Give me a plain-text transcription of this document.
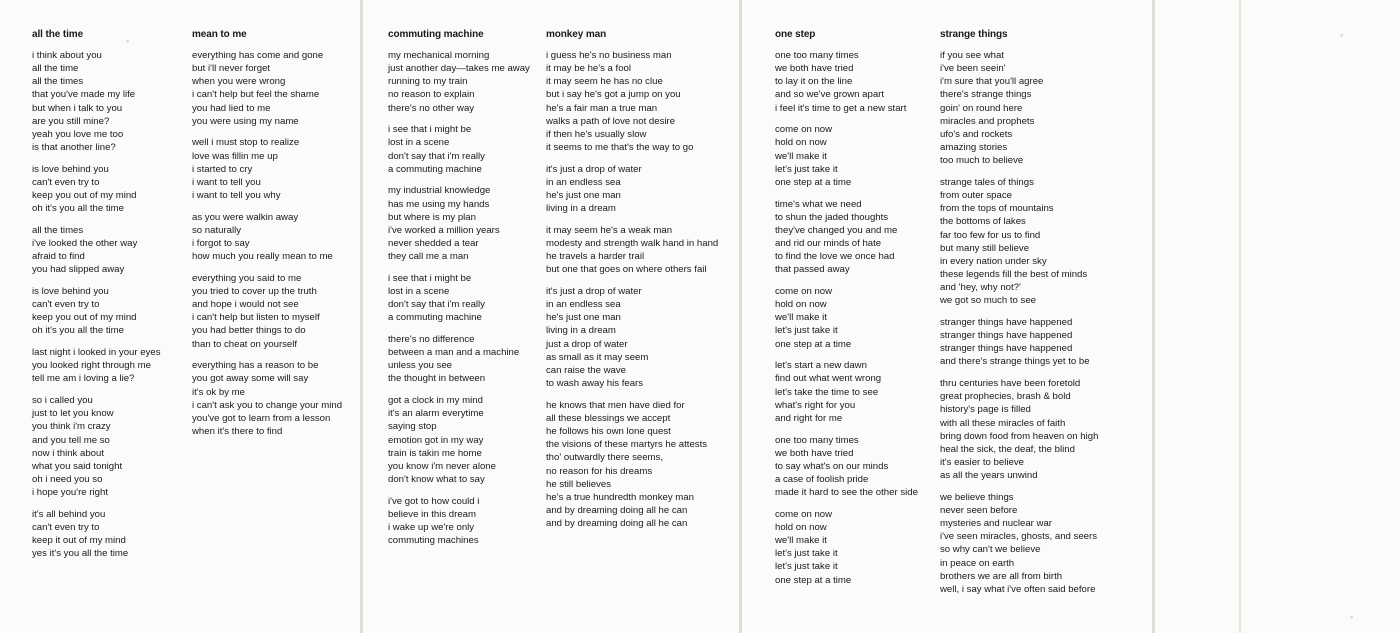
◦
◦
◦
all the time
i think about you
all the time
all the times
that you've made my life
but when i talk to you
are you still mine?
yeah you love me too
is that another line?
is love behind you
can't even try to
keep you out of my mind
oh it's you all the time
all the times
i've looked the other way
afraid to find
you had slipped away
is love behind you
can't even try to
keep you out of my mind
oh it's you all the time
last night i looked in your eyes
you looked right through me
tell me am i loving a lie?
so i called you
just to let you know
you think i'm crazy
and you tell me so
now i think about
what you said tonight
oh i need you so
i hope you're right
it's all behind you
can't even try to
keep it out of my mind
yes it's you all the time
mean to me
everything has come and gone
but i'll never forget
when you were wrong
i can't help but feel the shame
you had lied to me
you were using my name
well i must stop to realize
love was fillin me up
i started to cry
i want to tell you
i want to tell you why
as you were walkin away
so naturally
i forgot to say
how much you really mean to me
everything you said to me
you tried to cover up the truth
and hope i would not see
i can't help but listen to myself
you had better things to do
than to cheat on yourself
everything has a reason to be
you got away some will say
it's ok by me
i can't ask you to change your mind
you've got to learn from a lesson
when it's there to find
commuting machine
my mechanical morning
just another day—takes me away
running to my train
no reason to explain
there's no other way
i see that i might be
lost in a scene
don't say that i'm really
a commuting machine
my industrial knowledge
has me using my hands
but where is my plan
i've worked a million years
never shedded a tear
they call me a man
i see that i might be
lost in a scene
don't say that i'm really
a commuting machine
there's no difference
between a man and a machine
unless you see
the thought in between
got a clock in my mind
it's an alarm everytime
saying stop
emotion got in my way
train is takin me home
you know i'm never alone
don't know what to say
i've got to how could i
believe in this dream
i wake up we're only
commuting machines
monkey man
i guess he's no business man
it may be he's a fool
it may seem he has no clue
but i say he's got a jump on you
he's a fair man a true man
walks a path of love not desire
if then he's usually slow
it seems to me that's the way to go
it's just a drop of water
in an endless sea
he's just one man
living in a dream
it may seem he's a weak man
modesty and strength walk hand in hand
he travels a harder trail
but one that goes on where others fail
it's just a drop of water
in an endless sea
he's just one man
living in a dream
just a drop of water
as small as it may seem
can raise the wave
to wash away his fears
he knows that men have died for
all these blessings we accept
he follows his own lone quest
the visions of these martyrs he attests
tho' outwardly there seems,
no reason for his dreams
he still believes
he's a true hundredth monkey man
and by dreaming doing all he can
and by dreaming doing all he can
one step
one too many times
we both have tried
to lay it on the line
and so we've grown apart
i feel it's time to get a new start
come on now
hold on now
we'll make it
let's just take it
one step at a time
time's what we need
to shun the jaded thoughts
they've changed you and me
and rid our minds of hate
to find the love we once had
that passed away
come on now
hold on now
we'll make it
let's just take it
one step at a time
let's start a new dawn
find out what went wrong
let's take the time to see
what's right for you
and right for me
one too many times
we both have tried
to say what's on our minds
a case of foolish pride
made it hard to see the other side
come on now
hold on now
we'll make it
let's just take it
let's just take it
one step at a time
strange things
if you see what
i've been seein'
i'm sure that you'll agree
there's strange things
goin' on round here
miracles and prophets
ufo's and rockets
amazing stories
too much to believe
strange tales of things
from outer space
from the tops of mountains
the bottoms of lakes
far too few for us to find
but many still believe
in every nation under sky
these legends fill the best of minds
and 'hey, why not?'
we got so much to see
stranger things have happened
stranger things have happened
stranger things have happened
and there's strange things yet to be
thru centuries have been foretold
great prophecies, brash & bold
history's page is filled
with all these miracles of faith
bring down food from heaven on high
heal the sick, the deaf, the blind
it's easier to believe
as all the years unwind
we believe things
never seen before
mysteries and nuclear war
i've seen miracles, ghosts, and seers
so why can't we believe
in peace on earth
brothers we are all from birth
well, i say what i've often said before
